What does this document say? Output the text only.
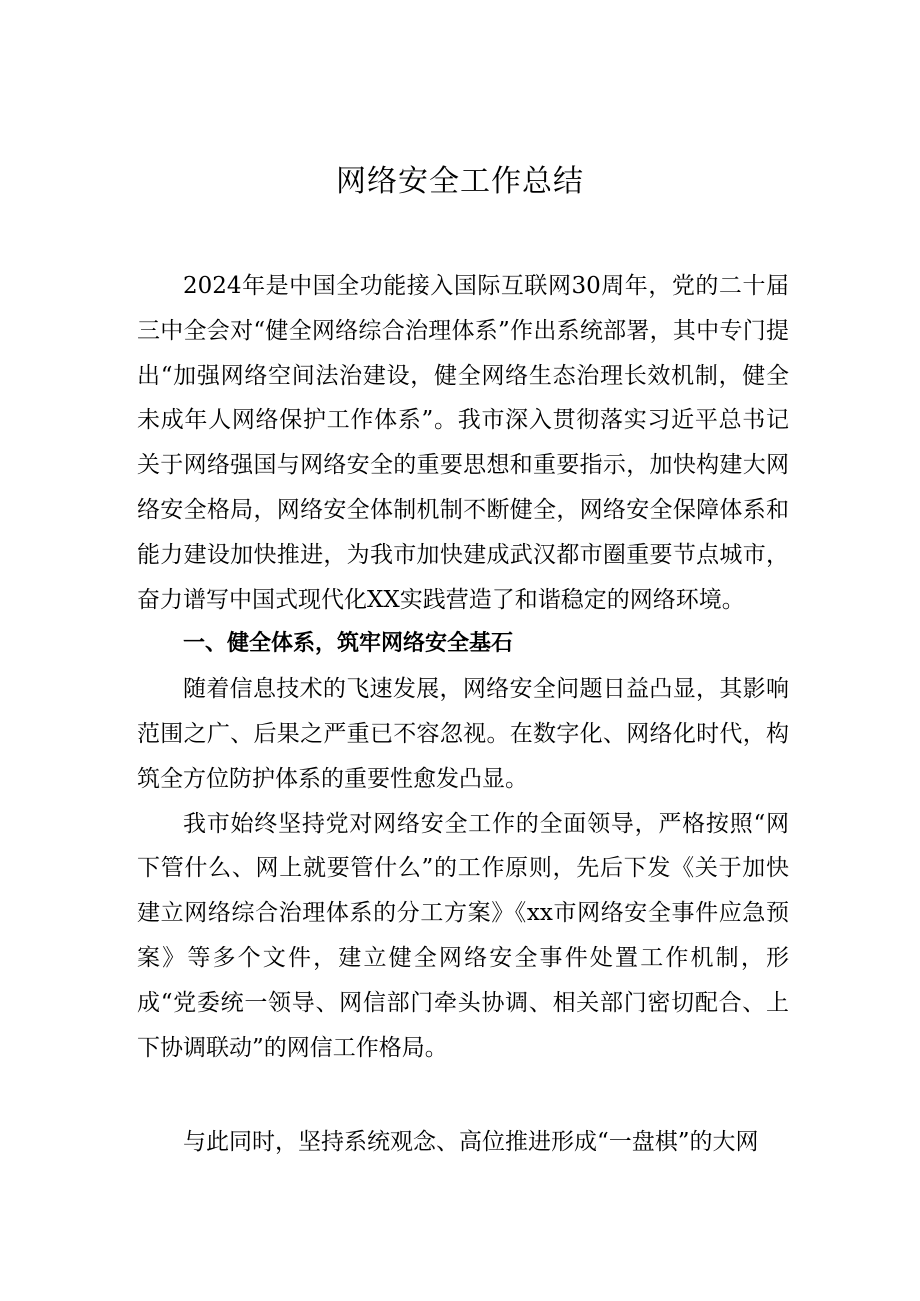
网络安全工作总结

2024年是中国全功能接入国际互联网30周年，党的二十届三中全会对“健全网络综合治理体系”作出系统部署，其中专门提出“加强网络空间法治建设，健全网络生态治理长效机制，健全未成年人网络保护工作体系”。我市深入贯彻落实习近平总书记关于网络强国与网络安全的重要思想和重要指示，加快构建大网络安全格局，网络安全体制机制不断健全，网络安全保障体系和能力建设加快推进，为我市加快建成武汉都市圈重要节点城市，奋力谱写中国式现代化XX实践营造了和谐稳定的网络环境。

一、健全体系，筑牢网络安全基石

随着信息技术的飞速发展，网络安全问题日益凸显，其影响范围之广、后果之严重已不容忽视。在数字化、网络化时代，构筑全方位防护体系的重要性愈发凸显。

我市始终坚持党对网络安全工作的全面领导，严格按照“网下管什么、网上就要管什么”的工作原则，先后下发《关于加快建立网络综合治理体系的分工方案》《xx市网络安全事件应急预案》等多个文件，建立健全网络安全事件处置工作机制，形成“党委统一领导、网信部门牵头协调、相关部门密切配合、上下协调联动”的网信工作格局。

与此同时，坚持系统观念、高位推进形成“一盘棋”的大网
